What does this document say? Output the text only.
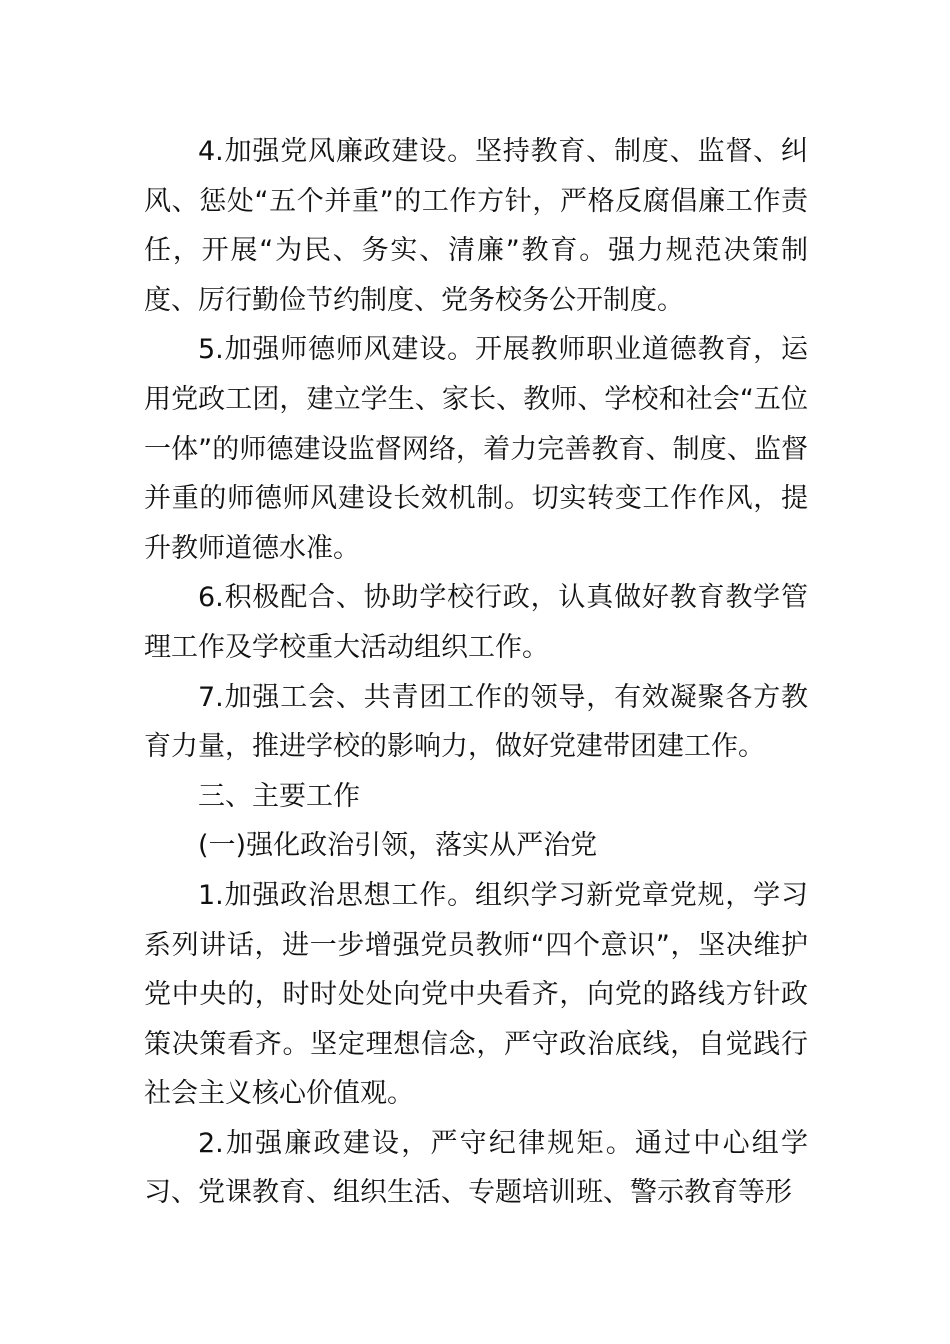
4.加强党风廉政建设。坚持教育、制度、监督、纠风、惩处“五个并重”的工作方针，严格反腐倡廉工作责任，开展“为民、务实、清廉”教育。强力规范决策制度、厉行勤俭节约制度、党务校务公开制度。

5.加强师德师风建设。开展教师职业道德教育，运用党政工团，建立学生、家长、教师、学校和社会“五位一体”的师德建设监督网络，着力完善教育、制度、监督并重的师德师风建设长效机制。切实转变工作作风，提升教师道德水准。

6.积极配合、协助学校行政，认真做好教育教学管理工作及学校重大活动组织工作。

7.加强工会、共青团工作的领导，有效凝聚各方教育力量，推进学校的影响力，做好党建带团建工作。

三、主要工作

(一)强化政治引领，落实从严治党

1.加强政治思想工作。组织学习新党章党规，学习系列讲话，进一步增强党员教师“四个意识”，坚决维护党中央的，时时处处向党中央看齐，向党的路线方针政策决策看齐。坚定理想信念，严守政治底线，自觉践行社会主义核心价值观。

2.加强廉政建设，严守纪律规矩。通过中心组学习、党课教育、组织生活、专题培训班、警示教育等形
